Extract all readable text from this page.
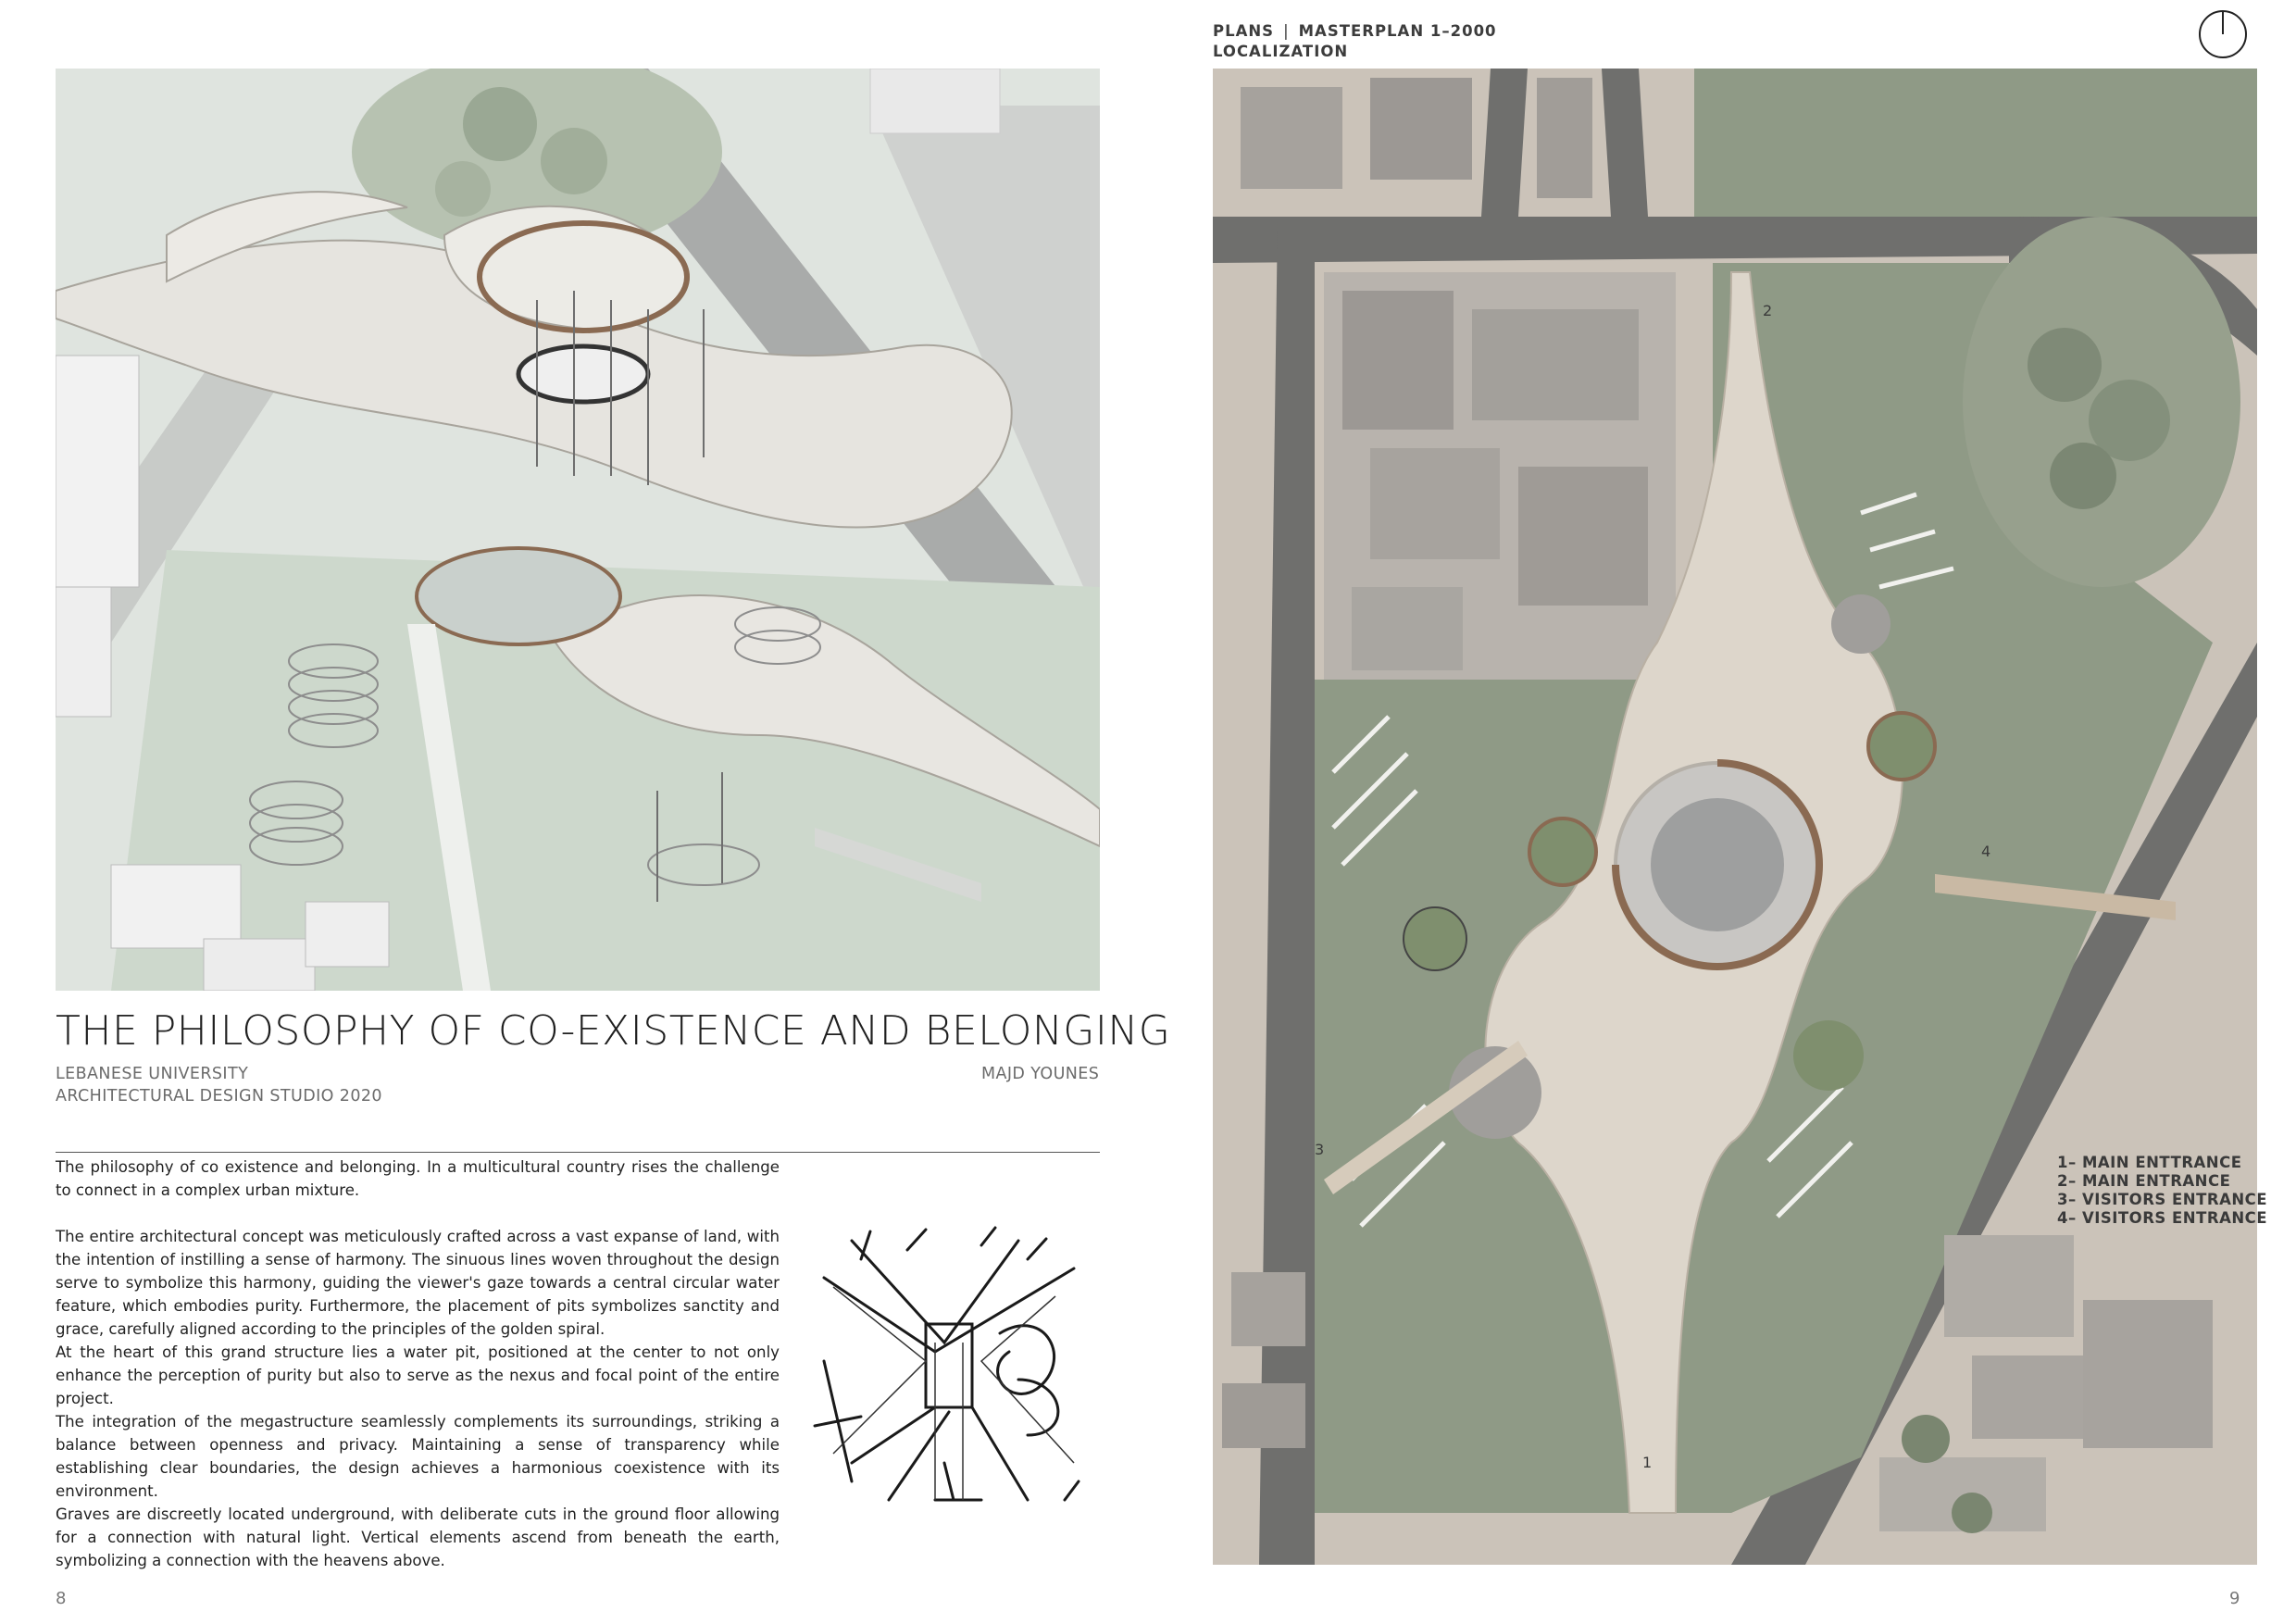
THE PHILOSOPHY OF CO-EXISTENCE AND BELONGING
LEBANESE UNIVERSITY
ARCHITECTURAL DESIGN STUDIO 2020
MAJD YOUNES

The philosophy of co existence and belonging. In a multicultural country rises the challenge to connect in a complex urban mixture.

The entire architectural concept was meticulously crafted across a vast expanse of land, with the intention of instilling a sense of harmony. The sinuous lines woven throughout the design serve to symbolize this harmony, guiding the viewer's gaze towards a central circular water feature, which embodies purity. Furthermore, the placement of pits symbolizes sanctity and grace, carefully aligned according to the principles of the golden spiral.

At the heart of this grand structure lies a water pit, positioned at the center to not only enhance the perception of purity but also to serve as the nexus and focal point of the entire project.

The integration of the megastructure seamlessly complements its surroundings, striking a balance between openness and privacy. Maintaining a sense of transparency while establishing clear boundaries, the design achieves a harmonious coexistence with its environment.

Graves are discreetly located underground, with deliberate cuts in the ground floor allowing for a connection with natural light. Vertical elements ascend from beneath the earth, symbolizing a connection with the heavens above.

8
PLANS | MASTERPLAN 1–2000
LOCALIZATION
1
2
3
4
1– MAIN ENTTRANCE
2– MAIN ENTRANCE
3– VISITORS ENTRANCE
4– VISITORS ENTRANCE
9
